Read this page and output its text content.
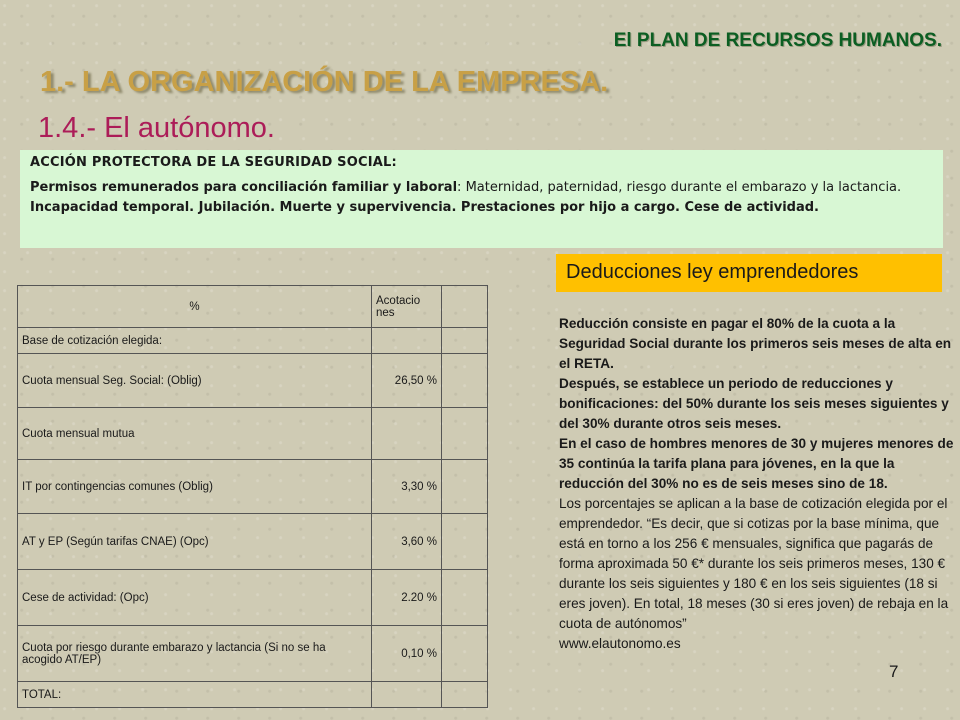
El PLAN DE RECURSOS HUMANOS.
1.- LA ORGANIZACIÓN DE LA EMPRESA.
1.4.- El autónomo.
ACCIÓN PROTECTORA DE LA SEGURIDAD SOCIAL:
Permisos remunerados para conciliación familiar y laboral: Maternidad, paternidad, riesgo durante el embarazo y la lactancia. Incapacidad temporal. Jubilación. Muerte y supervivencia. Prestaciones por hijo a cargo. Cese de actividad.
Deducciones ley emprendedores
%	Acotacio nes	
Base de cotización elegida:		
Cuota mensual Seg. Social: (Oblig)	26,50 %	
Cuota mensual mutua		
IT por contingencias comunes (Oblig)	3,30 %	
AT y EP (Según tarifas CNAE) (Opc)	3,60 %	
Cese de actividad: (Opc)	2.20 %	
Cuota por riesgo durante embarazo y lactancia (Si no se ha acogido AT/EP)	0,10 %	
TOTAL:		

Reducción consiste en pagar el 80% de la cuota a la Seguridad Social durante los primeros seis meses de alta en el RETA.

Después, se establece un periodo de reducciones y bonificaciones: del 50% durante los seis meses siguientes y del 30% durante otros seis meses.

En el caso de hombres menores de 30 y mujeres menores de 35 continúa la tarifa plana para jóvenes, en la que la reducción del 30% no es de seis meses sino de 18.

Los porcentajes se aplican a la base de cotización elegida por el emprendedor. “Es decir, que si cotizas por la base mínima, que está en torno a los 256 € mensuales, significa que pagarás de forma aproximada 50 €* durante los seis primeros meses, 130 € durante los seis siguientes y 180 € en los seis siguientes (18 si eres joven). En total, 18 meses (30 si eres joven) de rebaja en la cuota de autónomos”

www.elautonomo.es

7
